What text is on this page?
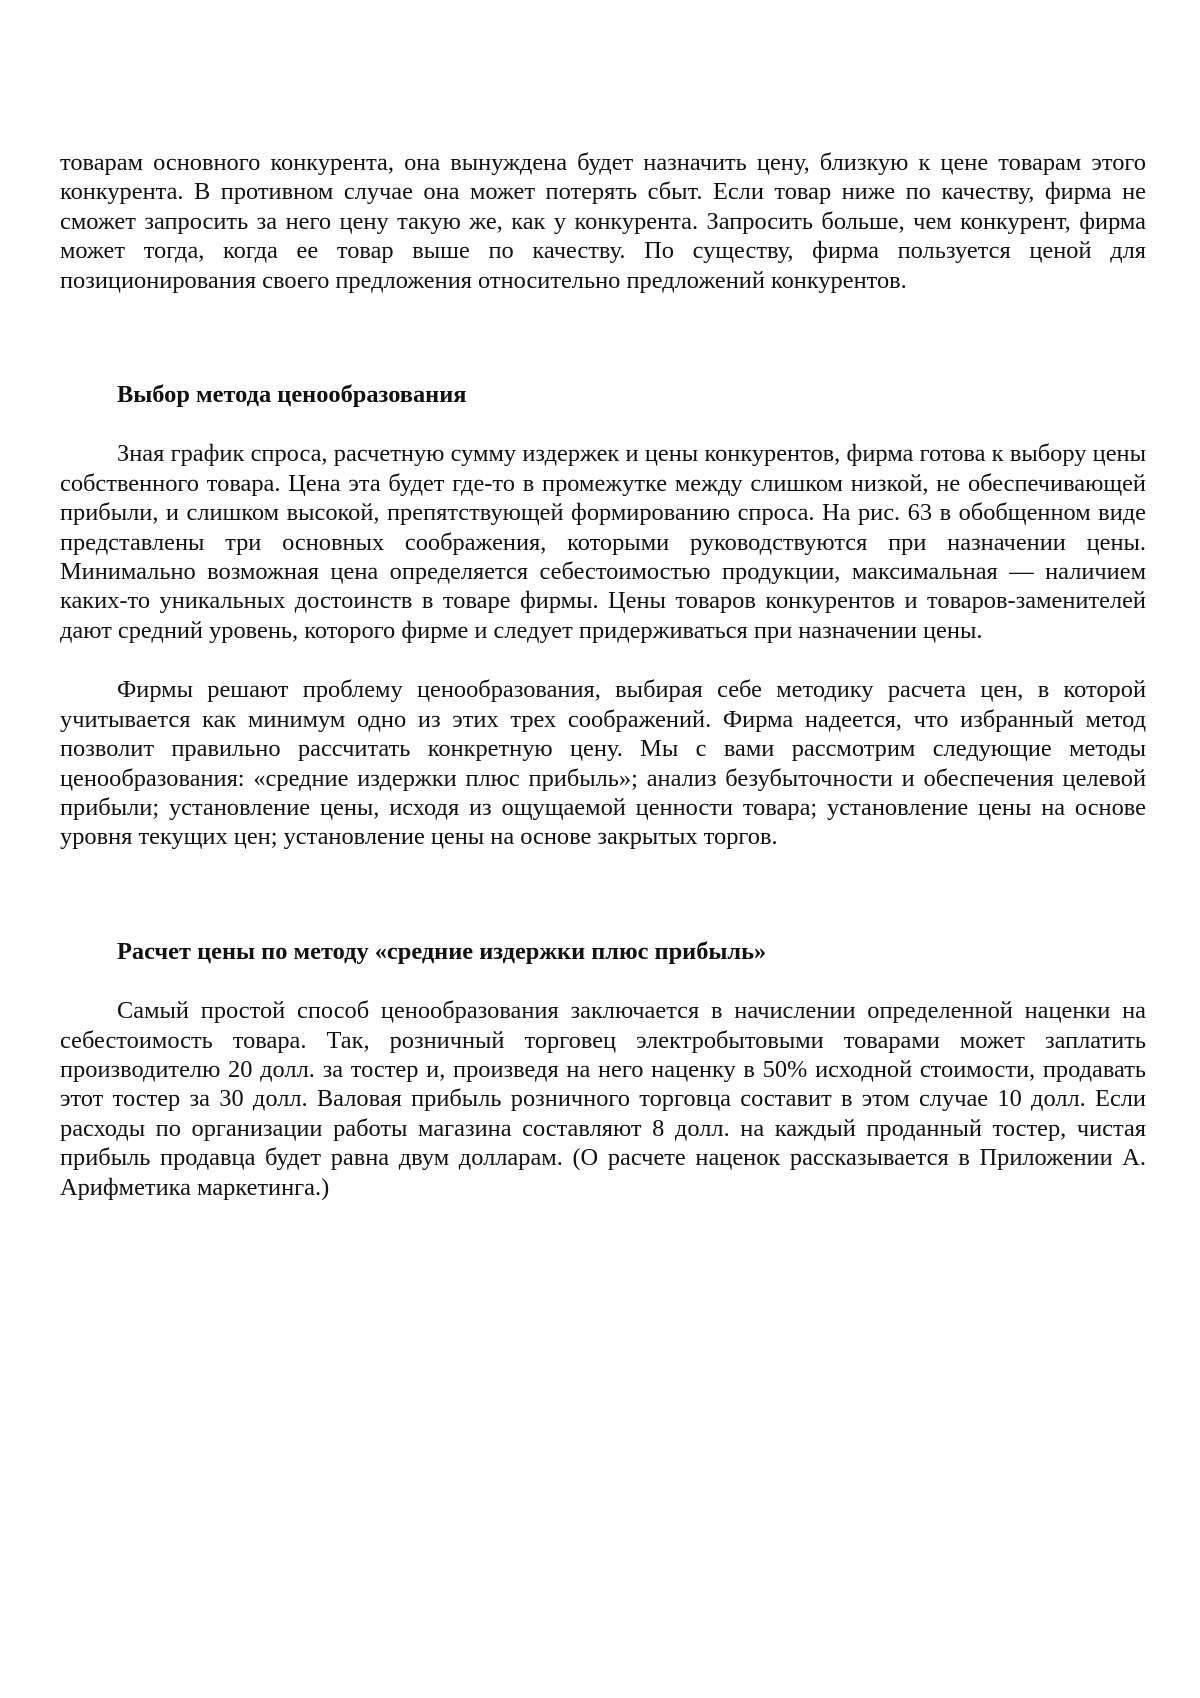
товарам основного конкурента, она вынуждена будет назначить цену, близкую к цене товарам этого конкурента. В противном случае она может потерять сбыт. Если товар ниже по качеству, фирма не сможет запросить за него цену такую же, как у конкурента. Запросить больше, чем конкурент, фирма может тогда, когда ее товар выше по качеству. По существу, фирма пользуется ценой для позиционирования своего предложения относительно предложений конкурентов.

Выбор метода ценообразования

Зная график спроса, расчетную сумму издержек и цены конкурентов, фирма готова к выбору цены собственного товара. Цена эта будет где-то в промежутке между слишком низкой, не обеспечивающей прибыли, и слишком высокой, препятствующей формированию спроса. На рис. 63 в обобщенном виде представлены три основных соображения, которыми руководствуются при назначении цены. Минимально возможная цена определяется себестоимостью продукции, максимальная — наличием каких-то уникальных достоинств в товаре фирмы. Цены товаров конкурентов и товаров-заменителей дают средний уровень, которого фирме и следует придерживаться при назначении цены.

Фирмы решают проблему ценообразования, выбирая себе методику расчета цен, в которой учитывается как минимум одно из этих трех соображений. Фирма надеется, что избранный метод позволит правильно рассчитать конкретную цену. Мы с вами рассмотрим следующие методы ценообразования: «средние издержки плюс прибыль»; анализ безубыточности и обеспечения целевой прибыли; установление цены, исходя из ощущаемой ценности товара; установление цены на основе уровня текущих цен; установление цены на основе закрытых торгов.

Расчет цены по методу «средние издержки плюс прибыль»

Самый простой способ ценообразования заключается в начислении определенной наценки на себестоимость товара. Так, розничный торговец электробытовыми товарами может заплатить производителю 20 долл. за тостер и, произведя на него наценку в 50% исходной стоимости, продавать этот тостер за 30 долл. Валовая прибыль розничного торговца составит в этом случае 10 долл. Если расходы по организации работы магазина составляют 8 долл. на каждый проданный тостер, чистая прибыль продавца будет равна двум долларам. (О расчете наценок рассказывается в Приложении А. Арифметика маркетинга.)
